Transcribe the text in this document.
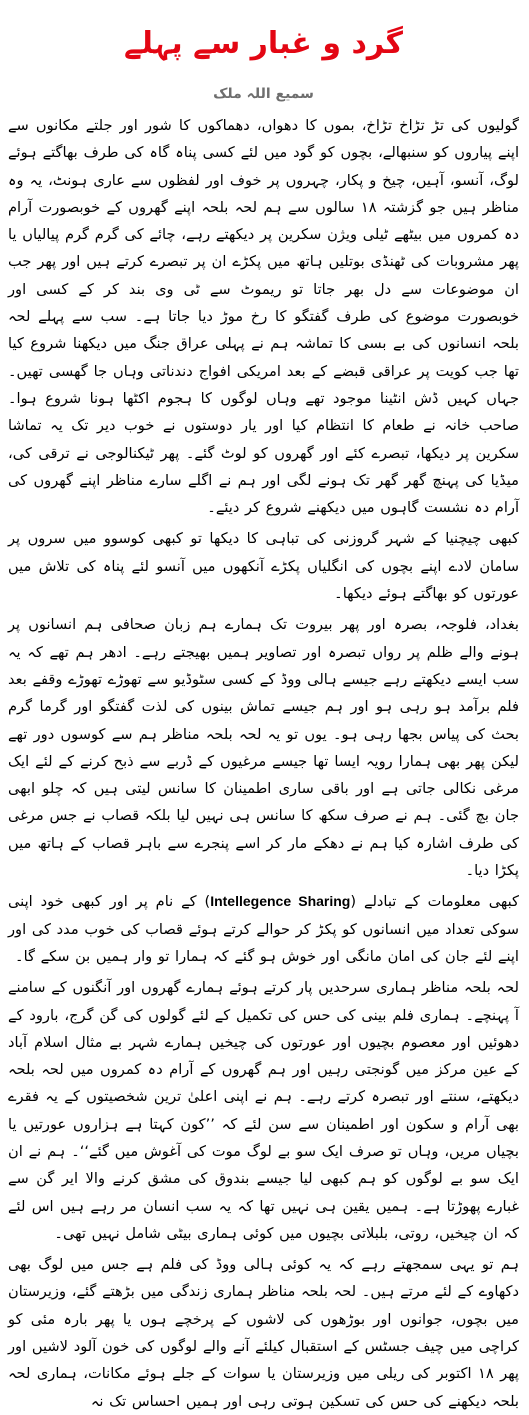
گرد و غبار سے پہلے
سمیع اللہ ملک

گولیوں کی تڑ تڑاخ تڑاخ، بموں کا دھواں، دھماکوں کا شور اور جلتے مکانوں سے اپنے پیاروں کو سنبھالے، بچوں کو گود میں لئے کسی پناہ گاہ کی طرف بھاگتے ہوئے لوگ، آنسو، آہیں، چیخ و پکار، چہروں پر خوف اور لفظوں سے عاری ہونٹ، یہ وہ مناظر ہیں جو گزشتہ ۱۸ سالوں سے ہم لحہ بلحہ اپنے گھروں کے خوبصورت آرام دہ کمروں میں بیٹھے ٹیلی ویژن سکرین پر دیکھتے رہے، چائے کی گرم گرم پیالیاں یا پھر مشروبات کی ٹھنڈی بوتلیں ہاتھ میں پکڑے ان پر تبصرے کرتے ہیں اور پھر جب ان موضوعات سے دل بھر جاتا تو ریموٹ سے ٹی وی بند کر کے کسی اور خوبصورت موضوع کی طرف گفتگو کا رخ موڑ دیا جاتا ہے۔ سب سے پہلے لحہ بلحہ انسانوں کی بے بسی کا تماشہ ہم نے پہلی عراق جنگ میں دیکھنا شروع کیا تھا جب کویت پر عراقی قبضے کے بعد امریکی افواج دندناتی وہاں جا گھسی تھیں۔ جہاں کہیں ڈش انٹینا موجود تھے وہاں لوگوں کا ہجوم اکٹھا ہونا شروع ہوا۔ صاحب خانہ نے طعام کا انتظام کیا اور یار دوستوں نے خوب دیر تک یہ تماشا سکرین پر دیکھا، تبصرے کئے اور گھروں کو لوٹ گئے۔ پھر ٹیکنالوجی نے ترقی کی، میڈیا کی پہنچ گھر گھر تک ہونے لگی اور ہم نے اگلے سارے مناظر اپنے گھروں کی آرام دہ نشست گاہوں میں دیکھنے شروع کر دیئے۔

کبھی چیچنیا کے شہر گروزنی کی تباہی کا دیکھا تو کبھی کوسوو میں سروں پر سامان لادے اپنے بچوں کی انگلیاں پکڑے آنکھوں میں آنسو لئے پناہ کی تلاش میں عورتوں کو بھاگتے ہوئے دیکھا۔

بغداد، فلوجہ، بصرہ اور پھر بیروت تک ہمارے ہم زبان صحافی ہم انسانوں پر ہونے والے ظلم پر رواں تبصرہ اور تصاویر ہمیں بھیجتے رہے۔ ادھر ہم تھے کہ یہ سب ایسے دیکھتے رہے جیسے ہالی ووڈ کے کسی سٹوڈیو سے تھوڑے تھوڑے وقفے بعد فلم برآمد ہو رہی ہو اور ہم جیسے تماش بینوں کی لذت گفتگو اور گرما گرم بحث کی پیاس بجھا رہی ہو۔ یوں تو یہ لحہ بلحہ مناظر ہم سے کوسوں دور تھے لیکن پھر بھی ہمارا رویہ ایسا تھا جیسے مرغیوں کے ڈربے سے ذبح کرنے کے لئے ایک مرغی نکالی جاتی ہے اور باقی ساری اطمینان کا سانس لیتی ہیں کہ چلو ابھی جان بچ گئی۔ ہم نے صرف سکھ کا سانس ہی نہیں لیا بلکہ قصاب نے جس مرغی کی طرف اشارہ کیا ہم نے دھکے مار کر اسے پنجرے سے باہر قصاب کے ہاتھ میں پکڑا دیا۔

کبھی معلومات کے تبادلے (Intellegence Sharing) کے نام پر اور کبھی خود اپنی سوکی تعداد میں انسانوں کو پکڑ کر حوالے کرتے ہوئے قصاب کی خوب مدد کی اور اپنے لئے جان کی امان مانگی اور خوش ہو گئے کہ ہمارا تو وار ہمیں بن سکے گا۔

لحہ بلحہ مناظر ہماری سرحدیں پار کرتے ہوئے ہمارے گھروں اور آنگنوں کے سامنے آ پہنچے۔ ہماری فلم بینی کی حس کی تکمیل کے لئے گولوں کی گن گرج، بارود کے دھوئیں اور معصوم بچیوں اور عورتوں کی چیخیں ہمارے شہر بے مثال اسلام آباد کے عین مرکز میں گونجتی رہیں اور ہم گھروں کے آرام دہ کمروں میں لحہ بلحہ دیکھتے، سنتے اور تبصرہ کرتے رہے۔ ہم نے اپنی اعلیٰ ترین شخصیتوں کے یہ فقرے بھی آرام و سکون اور اطمینان سے سن لئے کہ ’’کون کہتا ہے ہزاروں عورتیں یا بچیاں مریں، وہاں تو صرف ایک سو بے لوگ موت کی آغوش میں گئے‘‘۔ ہم نے ان ایک سو بے لوگوں کو ہم کبھی لیا جیسے بندوق کی مشق کرنے والا ایر گن سے غبارے پھوڑتا ہے۔ ہمیں یقین ہی نہیں تھا کہ یہ سب انسان مر رہے ہیں اس لئے کہ ان چیخیں، روتی، بلبلاتی بچیوں میں کوئی ہماری بیٹی شامل نہیں تھی۔

ہم تو یہی سمجھتے رہے کہ یہ کوئی ہالی ووڈ کی فلم ہے جس میں لوگ بھی دکھاوے کے لئے مرتے ہیں۔ لحہ بلحہ مناظر ہماری زندگی میں بڑھتے گئے، وزیرستان میں بچوں، جوانوں اور بوڑھوں کی لاشوں کے پرخچے ہوں یا پھر بارہ مئی کو کراچی میں چیف جسٹس کے استقبال کیلئے آنے والے لوگوں کی خون آلود لاشیں اور پھر ۱۸ اکتوبر کی ریلی میں وزیرستان یا سوات کے جلے ہوئے مکانات، ہماری لحہ بلحہ دیکھنے کی حس کی تسکین ہوتی رہی اور ہمیں احساس تک نہ
